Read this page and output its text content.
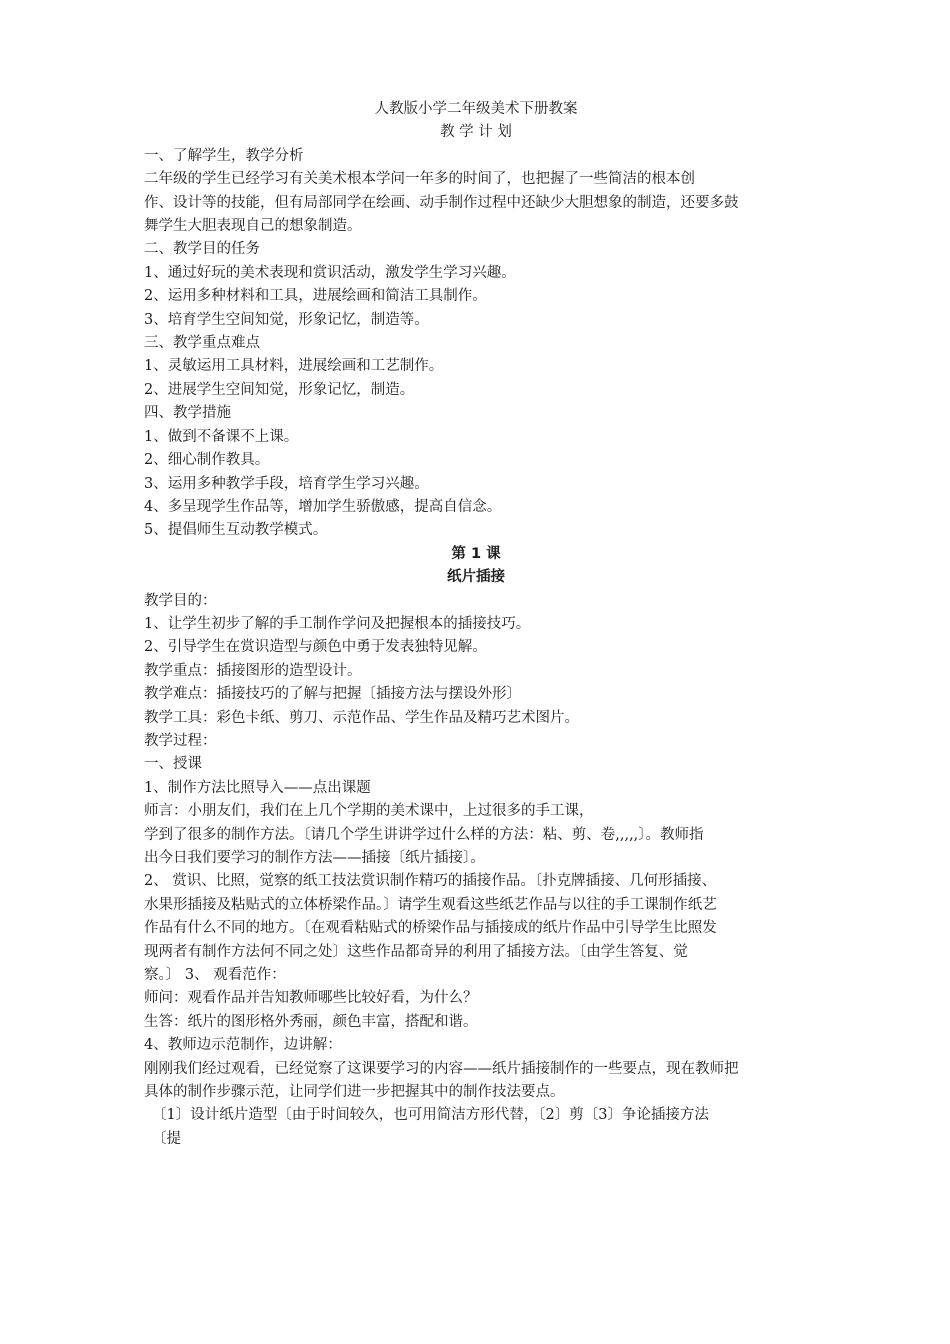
人教版小学二年级美术下册教案
教 学 计 划
一、了解学生，教学分析
二年级的学生已经学习有关美术根本学问一年多的时间了，也把握了一些简洁的根本创
作、设计等的技能，但有局部同学在绘画、动手制作过程中还缺少大胆想象的制造，还要多鼓
舞学生大胆表现自己的想象制造。
二、教学目的任务
1、通过好玩的美术表现和赏识活动，激发学生学习兴趣。
2、运用多种材料和工具，进展绘画和简洁工具制作。
3、培育学生空间知觉，形象记忆，制造等。
三、教学重点难点
1、灵敏运用工具材料，进展绘画和工艺制作。
2、进展学生空间知觉，形象记忆，制造。
四、教学措施
1、做到不备课不上课。
2、细心制作教具。
3、运用多种教学手段，培育学生学习兴趣。
4、多呈现学生作品等，增加学生骄傲感，提高自信念。
5、提倡师生互动教学模式。
第 1 课
纸片插接
教学目的：
1、让学生初步了解的手工制作学问及把握根本的插接技巧。
2、引导学生在赏识造型与颜色中勇于发表独特见解。
教学重点：插接图形的造型设计。
教学难点：插接技巧的了解与把握〔插接方法与摆设外形〕
教学工具：彩色卡纸、剪刀、示范作品、学生作品及精巧艺术图片。
教学过程：
一、授课
1、制作方法比照导入——点出课题
师言：小朋友们，我们在上几个学期的美术课中，上过很多的手工课，
学到了很多的制作方法。〔请几个学生讲讲学过什么样的方法：粘、剪、卷,,,,,〕。教师指
出今日我们要学习的制作方法——插接〔纸片插接〕。
2、 赏识、比照，觉察的纸工技法赏识制作精巧的插接作品。〔扑克牌插接、几何形插接、
水果形插接及粘贴式的立体桥梁作品。〕请学生观看这些纸艺作品与以往的手工课制作纸艺
作品有什么不同的地方。〔在观看粘贴式的桥梁作品与插接成的纸片作品中引导学生比照发
现两者有制作方法何不同之处〕这些作品都奇异的利用了插接方法。〔由学生答复、觉
察。〕 3、 观看范作：
师问：观看作品并告知教师哪些比较好看，为什么？
生答：纸片的图形格外秀丽，颜色丰富，搭配和谐。
4、教师边示范制作，边讲解：
刚刚我们经过观看，已经觉察了这课要学习的内容——纸片插接制作的一些要点，现在教师把
具体的制作步骤示范，让同学们进一步把握其中的制作技法要点。
〔1〕设计纸片造型〔由于时间较久，也可用简洁方形代替，〔2〕剪〔3〕争论插接方法
〔提
